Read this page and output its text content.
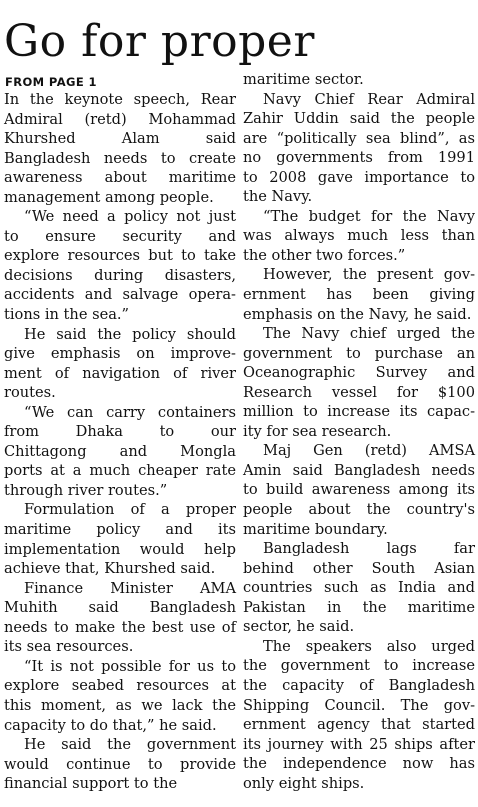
Go for proper
FROM PAGE 1

In the keynote speech, Rear
Admiral (retd) Mohammad
Khurshed Alam said
Bangladesh needs to create
awareness about maritime
management among people.

“We need a policy not just
to ensure security and
explore resources but to take
decisions during disasters,
accidents and salvage opera-
tions in the sea.”

He said the policy should
give emphasis on improve-
ment of navigation of river
routes.

“We can carry containers
from Dhaka to our
Chittagong and Mongla
ports at a much cheaper rate
through river routes.”

Formulation of a proper
maritime policy and its
implementation would help
achieve that, Khurshed said.

Finance Minister AMA
Muhith said Bangladesh
needs to make the best use of
its sea resources.

“It is not possible for us to
explore seabed resources at
this moment, as we lack the
capacity to do that,” he said.

He said the government
would continue to provide
financial support to the

maritime sector.

Navy Chief Rear Admiral
Zahir Uddin said the people
are “politically sea blind”, as
no governments from 1991
to 2008 gave importance to
the Navy.

“The budget for the Navy
was always much less than
the other two forces.”

However, the present gov-
ernment has been giving
emphasis on the Navy, he said.

The Navy chief urged the
government to purchase an
Oceanographic Survey and
Research vessel for $100
million to increase its capac-
ity for sea research.

Maj Gen (retd) AMSA
Amin said Bangladesh needs
to build awareness among its
people about the country's
maritime boundary.

Bangladesh lags far
behind other South Asian
countries such as India and
Pakistan in the maritime
sector, he said.

The speakers also urged
the government to increase
the capacity of Bangladesh
Shipping Council. The gov-
ernment agency that started
its journey with 25 ships after
the independence now has
only eight ships.
